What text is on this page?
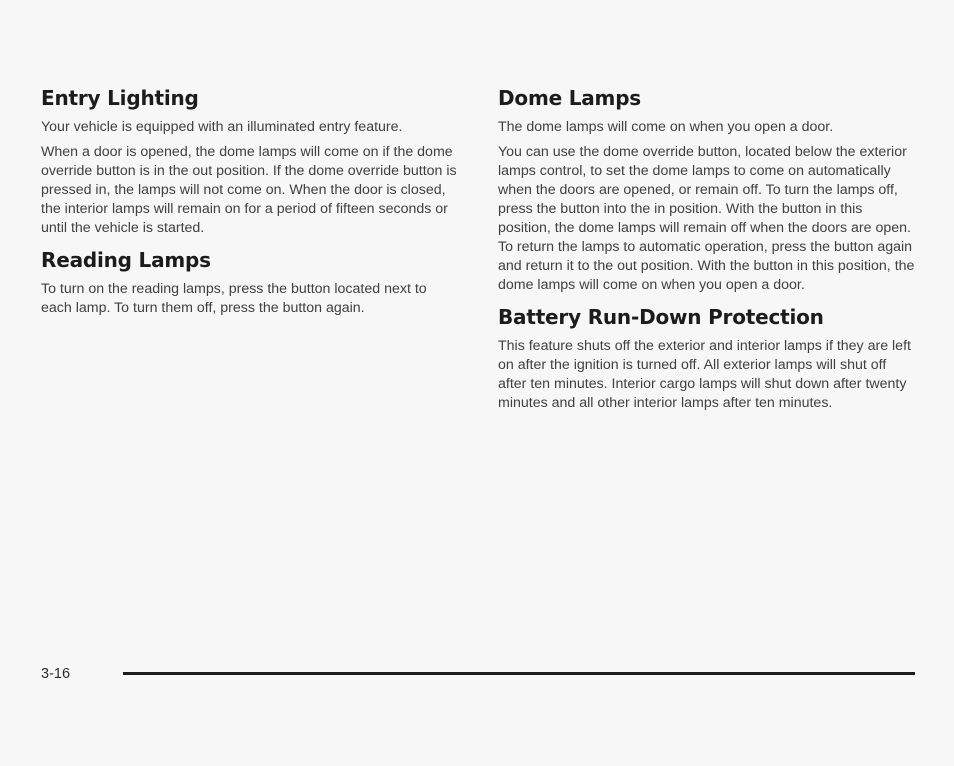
Entry Lighting

Your vehicle is equipped with an illuminated entry feature.

When a door is opened, the dome lamps will come on if the dome override button is in the out position. If the dome override button is pressed in, the lamps will not come on. When the door is closed, the interior lamps will remain on for a period of fifteen seconds or until the vehicle is started.

Reading Lamps

To turn on the reading lamps, press the button located next to each lamp. To turn them off, press the button again.

Dome Lamps

The dome lamps will come on when you open a door.

You can use the dome override button, located below the exterior lamps control, to set the dome lamps to come on automatically when the doors are opened, or remain off. To turn the lamps off, press the button into the in position. With the button in this position, the dome lamps will remain off when the doors are open. To return the lamps to automatic operation, press the button again and return it to the out position. With the button in this position, the dome lamps will come on when you open a door.

Battery Run-Down Protection

This feature shuts off the exterior and interior lamps if they are left on after the ignition is turned off. All exterior lamps will shut off after ten minutes. Interior cargo lamps will shut down after twenty minutes and all other interior lamps after ten minutes.

3-16
